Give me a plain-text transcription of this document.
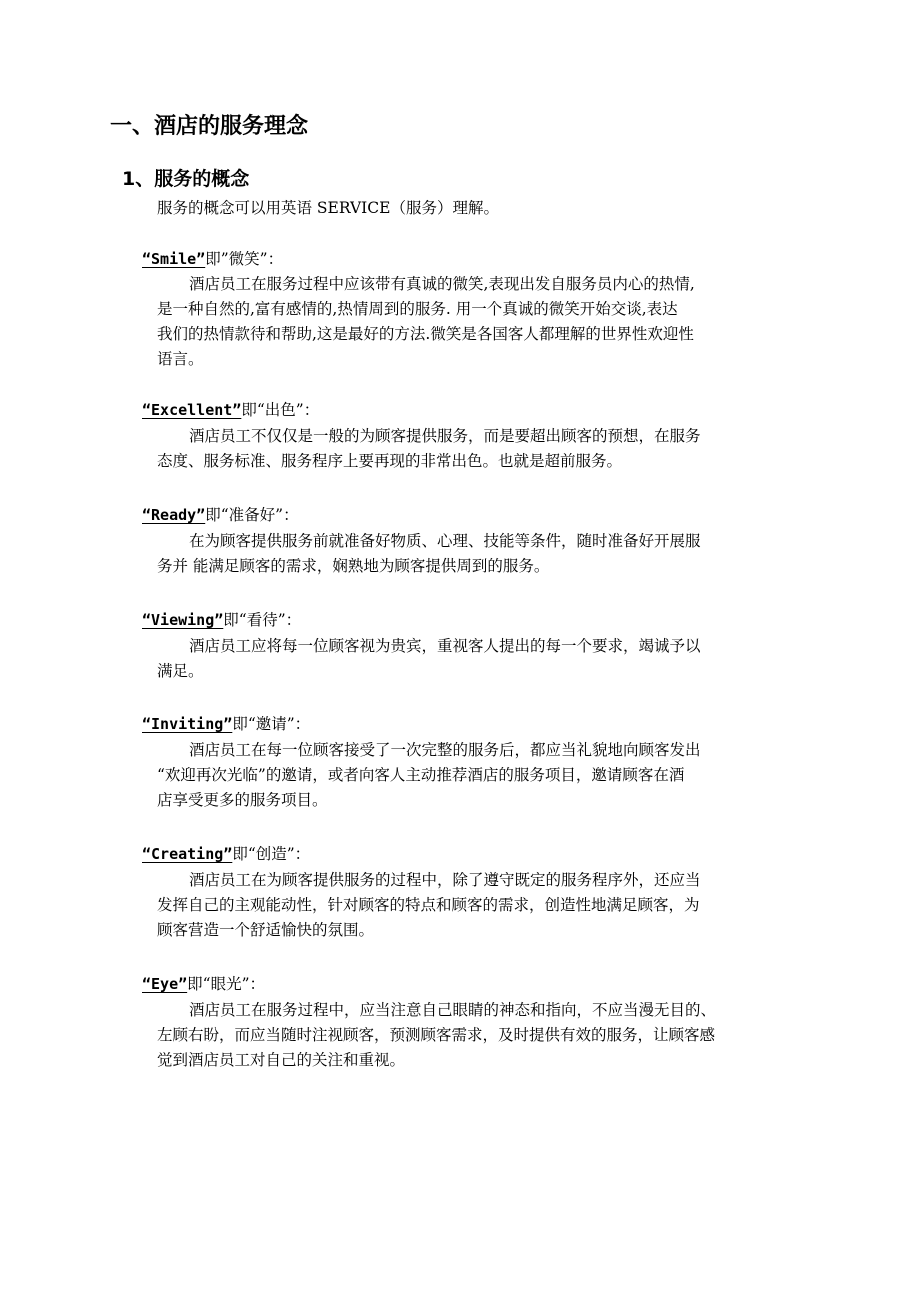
一、酒店的服务理念
1、服务的概念
服务的概念可以用英语 SERVICE（服务）理解。
“Smile”即”微笑”：
酒店员工在服务过程中应该带有真诚的微笑,表现出发自服务员内心的热情,
是一种自然的,富有感情的,热情周到的服务. 用一个真诚的微笑开始交谈,表达
我们的热情款待和帮助,这是最好的方法.微笑是各国客人都理解的世界性欢迎性
语言。
“Excellent”即“出色”：
酒店员工不仅仅是一般的为顾客提供服务，而是要超出顾客的预想，在服务
态度、服务标准、服务程序上要再现的非常出色。也就是超前服务。
“Ready”即“准备好”：
在为顾客提供服务前就准备好物质、心理、技能等条件，随时准备好开展服
务并 能满足顾客的需求，娴熟地为顾客提供周到的服务。
“Viewing”即“看待”：
酒店员工应将每一位顾客视为贵宾，重视客人提出的每一个要求，竭诚予以
满足。
“Inviting”即“邀请”：
酒店员工在每一位顾客接受了一次完整的服务后，都应当礼貌地向顾客发出
“欢迎再次光临”的邀请，或者向客人主动推荐酒店的服务项目，邀请顾客在酒
店享受更多的服务项目。
“Creating”即“创造”：
酒店员工在为顾客提供服务的过程中，除了遵守既定的服务程序外，还应当
发挥自己的主观能动性，针对顾客的特点和顾客的需求，创造性地满足顾客，为
顾客营造一个舒适愉快的氛围。
“Eye”即“眼光”：
酒店员工在服务过程中，应当注意自己眼睛的神态和指向，不应当漫无目的、
左顾右盼，而应当随时注视顾客，预测顾客需求，及时提供有效的服务，让顾客感
觉到酒店员工对自己的关注和重视。
